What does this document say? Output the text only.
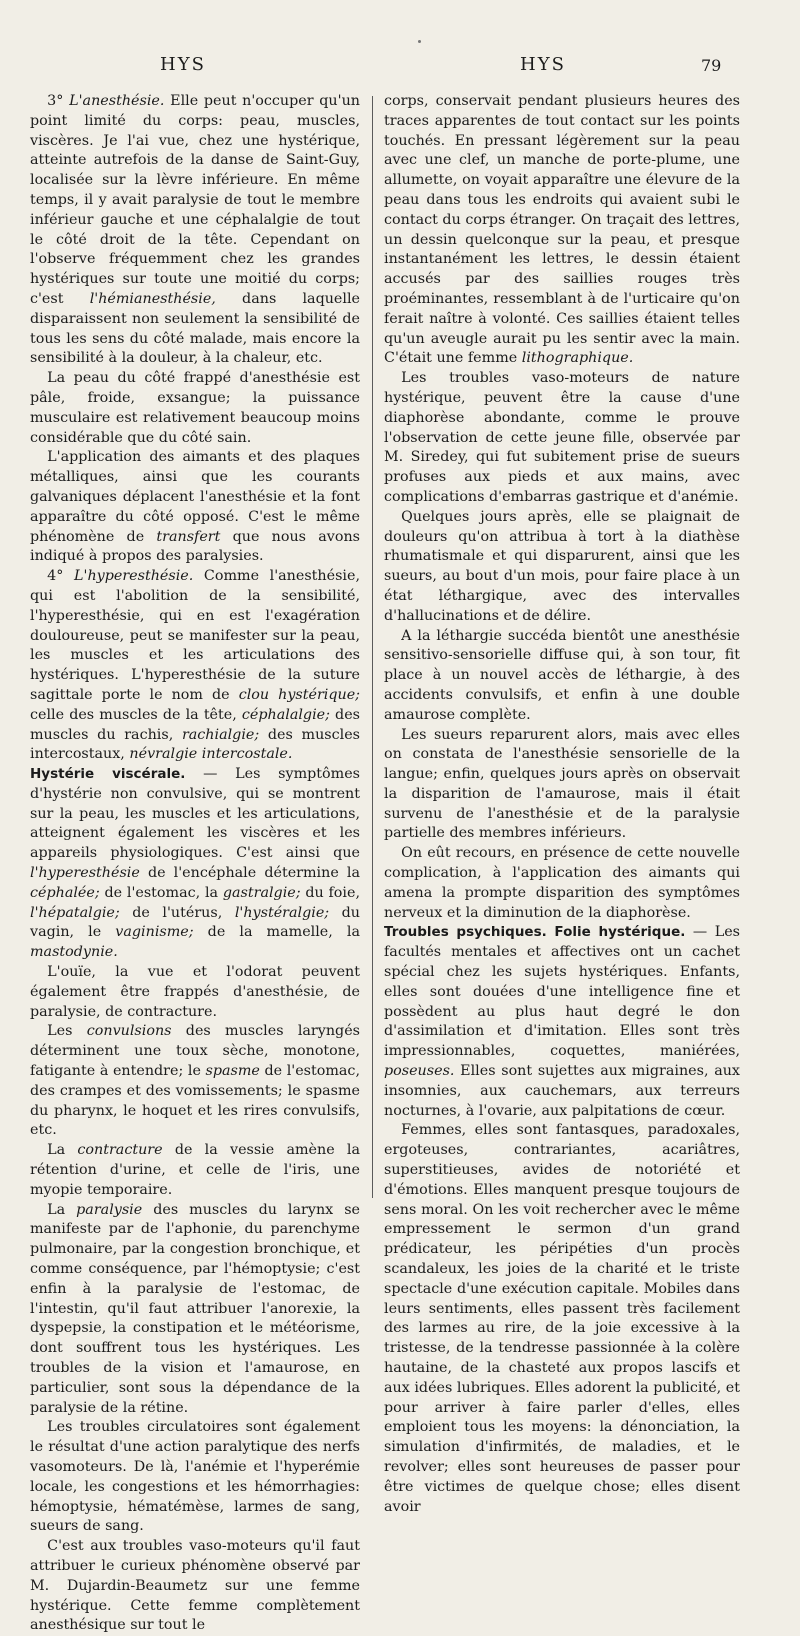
HYS	HYS	79

3° L'anesthésie. Elle peut n'occuper qu'un point limité du corps: peau, muscles, viscères. Je l'ai vue, chez une hystérique, atteinte autrefois de la danse de Saint-Guy, localisée sur la lèvre inférieure. En même temps, il y avait paralysie de tout le membre inférieur gauche et une céphalalgie de tout le côté droit de la tête. Cependant on l'observe fréquemment chez les grandes hystériques sur toute une moitié du corps; c'est l'hémianesthésie, dans laquelle disparaissent non seulement la sensibilité de tous les sens du côté malade, mais encore la sensibilité à la douleur, à la chaleur, etc.

La peau du côté frappé d'anesthésie est pâle, froide, exsangue; la puissance musculaire est relativement beaucoup moins considérable que du côté sain.

L'application des aimants et des plaques métalliques, ainsi que les courants galvaniques déplacent l'anesthésie et la font apparaître du côté opposé. C'est le même phénomène de transfert que nous avons indiqué à propos des paralysies.

4° L'hyperesthésie. Comme l'anesthésie, qui est l'abolition de la sensibilité, l'hyperesthésie, qui en est l'exagération douloureuse, peut se manifester sur la peau, les muscles et les articulations des hystériques. L'hyperesthésie de la suture sagittale porte le nom de clou hystérique; celle des muscles de la tête, céphalalgie; des muscles du rachis, rachialgie; des muscles intercostaux, névralgie intercostale.

Hystérie viscérale. — Les symptômes d'hystérie non convulsive, qui se montrent sur la peau, les muscles et les articulations, atteignent également les viscères et les appareils physiologiques. C'est ainsi que l'hyperesthésie de l'encéphale détermine la céphalée; de l'estomac, la gastralgie; du foie, l'hépatalgie; de l'utérus, l'hystéralgie; du vagin, le vaginisme; de la mamelle, la mastodynie.

L'ouïe, la vue et l'odorat peuvent également être frappés d'anesthésie, de paralysie, de contracture.

Les convulsions des muscles laryngés déterminent une toux sèche, monotone, fatigante à entendre; le spasme de l'estomac, des crampes et des vomissements; le spasme du pharynx, le hoquet et les rires convulsifs, etc.

La contracture de la vessie amène la rétention d'urine, et celle de l'iris, une myopie temporaire.

La paralysie des muscles du larynx se manifeste par de l'aphonie, du parenchyme pulmonaire, par la congestion bronchique, et comme conséquence, par l'hémoptysie; c'est enfin à la paralysie de l'estomac, de l'intestin, qu'il faut attribuer l'anorexie, la dyspepsie, la constipation et le météorisme, dont souffrent tous les hystériques. Les troubles de la vision et l'amaurose, en particulier, sont sous la dépendance de la paralysie de la rétine.

Les troubles circulatoires sont également le résultat d'une action paralytique des nerfs vasomoteurs. De là, l'anémie et l'hyperémie locale, les congestions et les hémorrhagies: hémoptysie, hématémèse, larmes de sang, sueurs de sang.

C'est aux troubles vaso-moteurs qu'il faut attribuer le curieux phénomène observé par M. Dujardin-Beaumetz sur une femme hystérique. Cette femme complètement anesthésique sur tout le

corps, conservait pendant plusieurs heures des traces apparentes de tout contact sur les points touchés. En pressant légèrement sur la peau avec une clef, un manche de porte-plume, une allumette, on voyait apparaître une élevure de la peau dans tous les endroits qui avaient subi le contact du corps étranger. On traçait des lettres, un dessin quelconque sur la peau, et presque instantanément les lettres, le dessin étaient accusés par des saillies rouges très proéminantes, ressemblant à de l'urticaire qu'on ferait naître à volonté. Ces saillies étaient telles qu'un aveugle aurait pu les sentir avec la main. C'était une femme lithographique.

Les troubles vaso-moteurs de nature hystérique, peuvent être la cause d'une diaphorèse abondante, comme le prouve l'observation de cette jeune fille, observée par M. Siredey, qui fut subitement prise de sueurs profuses aux pieds et aux mains, avec complications d'embarras gastrique et d'anémie.

Quelques jours après, elle se plaignait de douleurs qu'on attribua à tort à la diathèse rhumatismale et qui disparurent, ainsi que les sueurs, au bout d'un mois, pour faire place à un état léthargique, avec des intervalles d'hallucinations et de délire.

A la léthargie succéda bientôt une anesthésie sensitivo-sensorielle diffuse qui, à son tour, fit place à un nouvel accès de léthargie, à des accidents convulsifs, et enfin à une double amaurose complète.

Les sueurs reparurent alors, mais avec elles on constata de l'anesthésie sensorielle de la langue; enfin, quelques jours après on observait la disparition de l'amaurose, mais il était survenu de l'anesthésie et de la paralysie partielle des membres inférieurs.

On eût recours, en présence de cette nouvelle complication, à l'application des aimants qui amena la prompte disparition des symptômes nerveux et la diminution de la diaphorèse.

Troubles psychiques. Folie hystérique. — Les facultés mentales et affectives ont un cachet spécial chez les sujets hystériques. Enfants, elles sont douées d'une intelligence fine et possèdent au plus haut degré le don d'assimilation et d'imitation. Elles sont très impressionnables, coquettes, maniérées, poseuses. Elles sont sujettes aux migraines, aux insomnies, aux cauchemars, aux terreurs nocturnes, à l'ovarie, aux palpitations de cœur.

Femmes, elles sont fantasques, paradoxales, ergoteuses, contrariantes, acariâtres, superstitieuses, avides de notoriété et d'émotions. Elles manquent presque toujours de sens moral. On les voit rechercher avec le même empressement le sermon d'un grand prédicateur, les péripéties d'un procès scandaleux, les joies de la charité et le triste spectacle d'une exécution capitale. Mobiles dans leurs sentiments, elles passent très facilement des larmes au rire, de la joie excessive à la tristesse, de la tendresse passionnée à la colère hautaine, de la chasteté aux propos lascifs et aux idées lubriques. Elles adorent la publicité, et pour arriver à faire parler d'elles, elles emploient tous les moyens: la dénonciation, la simulation d'infirmités, de maladies, et le revolver; elles sont heureuses de passer pour être victimes de quelque chose; elles disent avoir
